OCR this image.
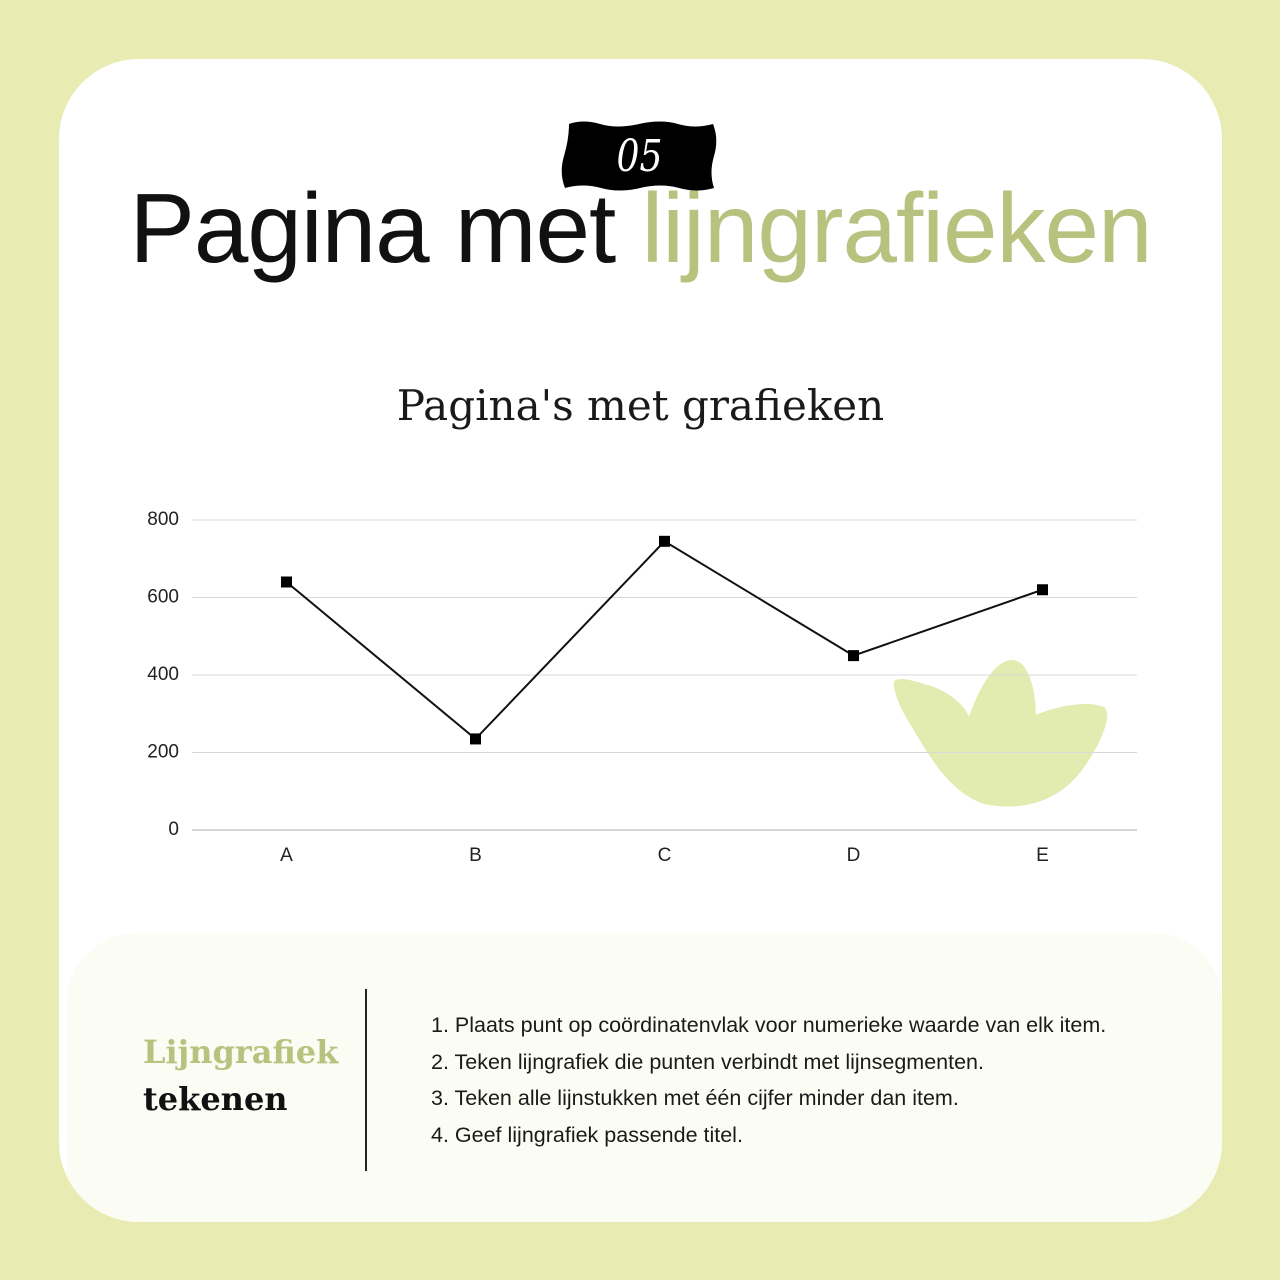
05
Pagina met lijngrafieken
Pagina's met grafieken
0
200
400
600
800
A	B	C	D	E
Lijngrafiek
tekenen
1. Plaats punt op coördinatenvlak voor numerieke waarde van elk item.
2. Teken lijngrafiek die punten verbindt met lijnsegmenten.
3. Teken alle lijnstukken met één cijfer minder dan item.
4. Geef lijngrafiek passende titel.
